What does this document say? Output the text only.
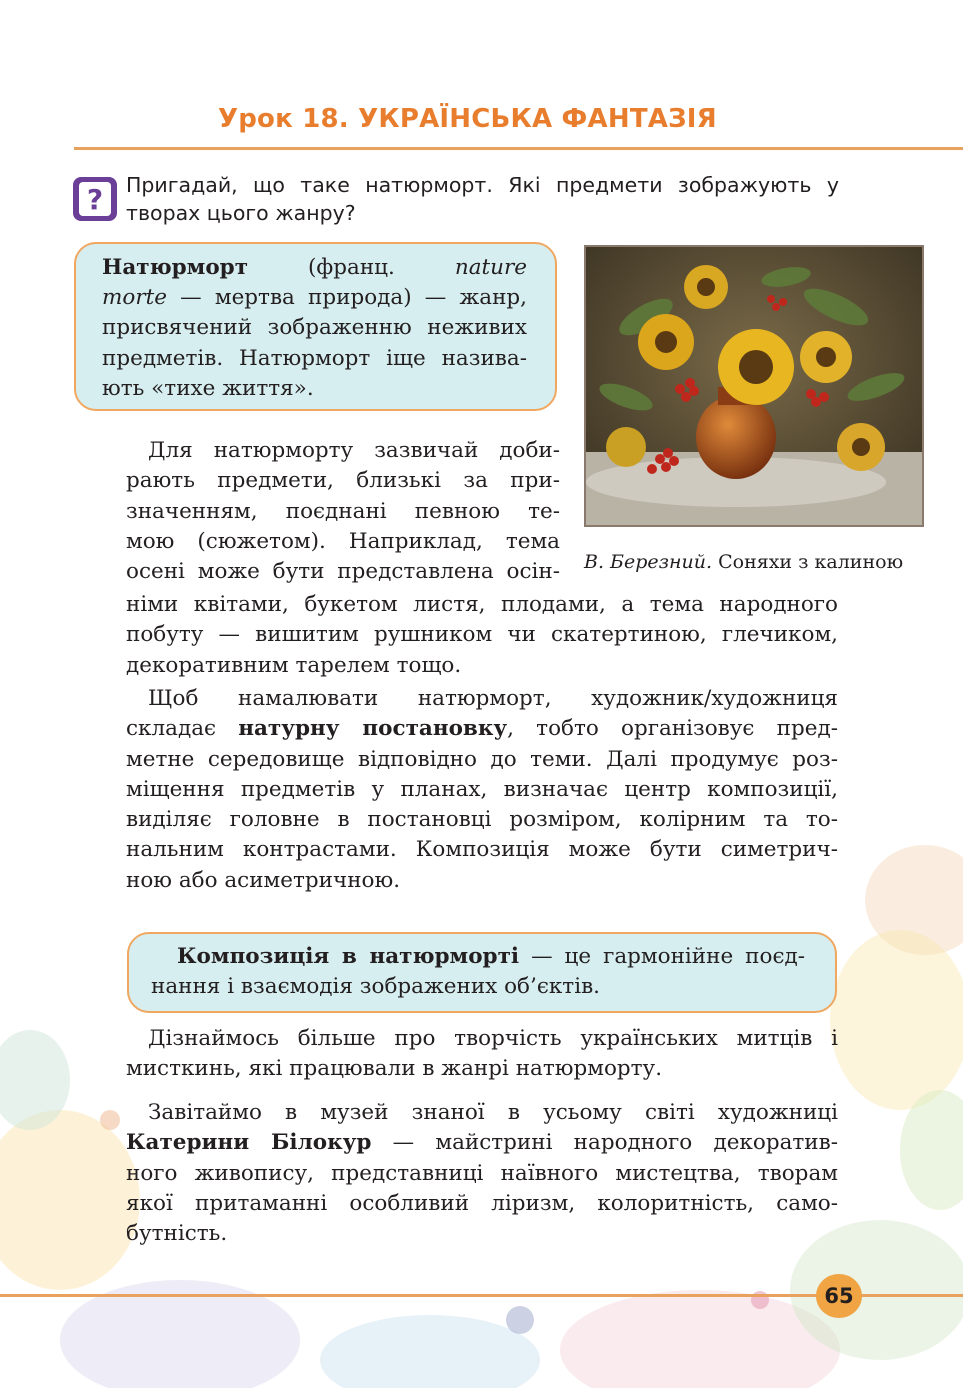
Урок 18. УКРАЇНСЬКА ФАНТАЗІЯ
? Пригадай, що таке натюрморт. Які предмети зображують у
творах цього жанру?

Натюрморт (франц. nature
morte — мертва природа) — жанр,
присвячений зображенню неживих
предметів. Натюрморт іще назива-
ють «тихе життя».

В. Березний. Соняхи з калиною

Для натюрморту зазвичай доби-
рають предмети, близькі за при-
значенням, поєднані певною те-
мою (сюжетом). Наприклад, тема
осені може бути представлена осін-

німи квітами, букетом листя, плодами, а тема народного
побуту — вишитим рушником чи скатертиною, глечиком,
декоративним тарелем тощо.

Щоб намалювати натюрморт, художник/художниця
складає натурну постановку, тобто організовує пред-
метне середовище відповідно до теми. Далі продумує роз-
міщення предметів у планах, визначає центр композиції,
виділяє головне в постановці розміром, колірним та то-
нальним контрастами. Композиція може бути симетрич-
ною або асиметричною.

Композиція в натюрморті — це гармонійне поєд-
нання і взаємодія зображених об’єктів.

Дізнаймось більше про творчість українських митців і
мисткинь, які працювали в жанрі натюрморту.

Завітаймо в музей знаної в усьому світі художниці
Катерини Білокур — майстрині народного декоратив-
ного живопису, представниці наївного мистецтва, творам
якої притаманні особливий ліризм, колоритність, само-
бутність.

65
